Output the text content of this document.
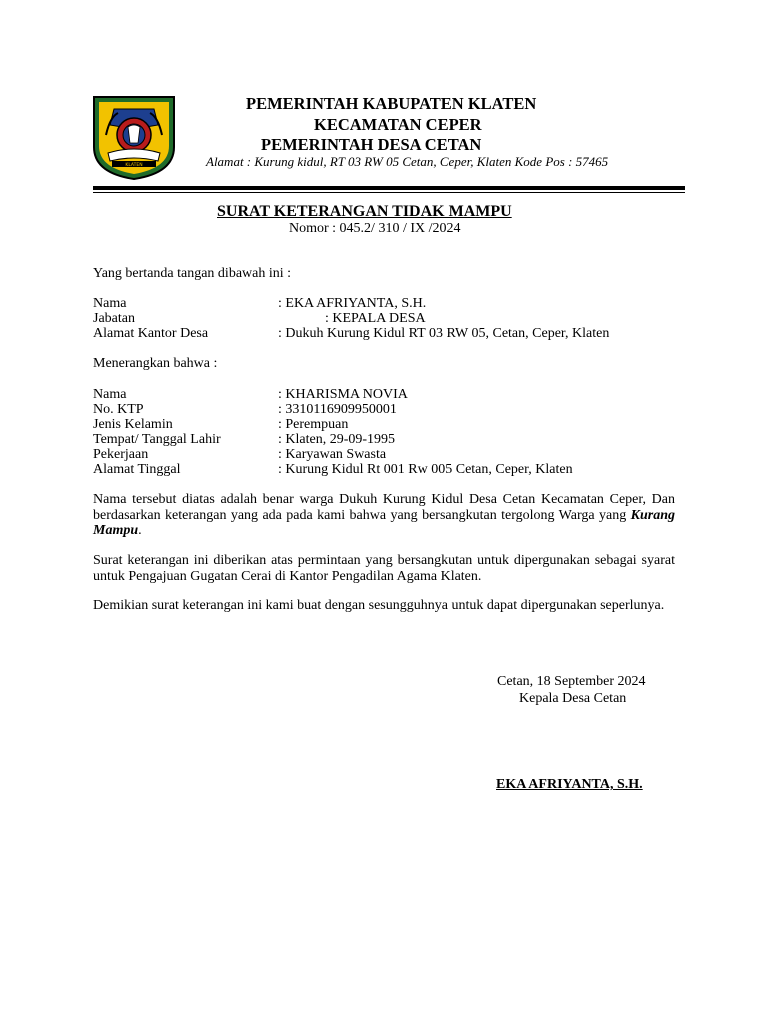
KLATEN
PEMERINTAH KABUPATEN KLATEN
KECAMATAN CEPER
PEMERINTAH DESA CETAN
Alamat : Kurung kidul, RT 03 RW 05 Cetan, Ceper, Klaten Kode Pos : 57465
SURAT KETERANGAN TIDAK MAMPU
Nomor : 045.2/ 310 / IX /2024
Yang bertanda tangan dibawah ini :
Nama	: EKA AFRIYANTA, S.H.
Jabatan	: KEPALA DESA
Alamat Kantor Desa	: Dukuh Kurung Kidul RT 03 RW 05, Cetan, Ceper, Klaten
Menerangkan bahwa :
Nama	: KHARISMA NOVIA
No. KTP	: 3310116909950001
Jenis Kelamin	: Perempuan
Tempat/ Tanggal Lahir	: Klaten, 29-09-1995
Pekerjaan	: Karyawan Swasta
Alamat Tinggal	: Kurung Kidul Rt 001 Rw 005 Cetan, Ceper, Klaten
Nama tersebut diatas adalah benar warga Dukuh Kurung Kidul Desa Cetan Kecamatan Ceper, Dan berdasarkan keterangan yang ada pada kami bahwa yang bersangkutan tergolong Warga yang Kurang Mampu.
Surat keterangan ini diberikan atas permintaan yang bersangkutan untuk dipergunakan sebagai syarat untuk Pengajuan Gugatan Cerai di Kantor Pengadilan Agama Klaten.
Demikian surat keterangan ini kami buat dengan sesungguhnya untuk dapat dipergunakan seperlunya.
Cetan, 18 September 2024
Kepala Desa Cetan
EKA AFRIYANTA, S.H.
